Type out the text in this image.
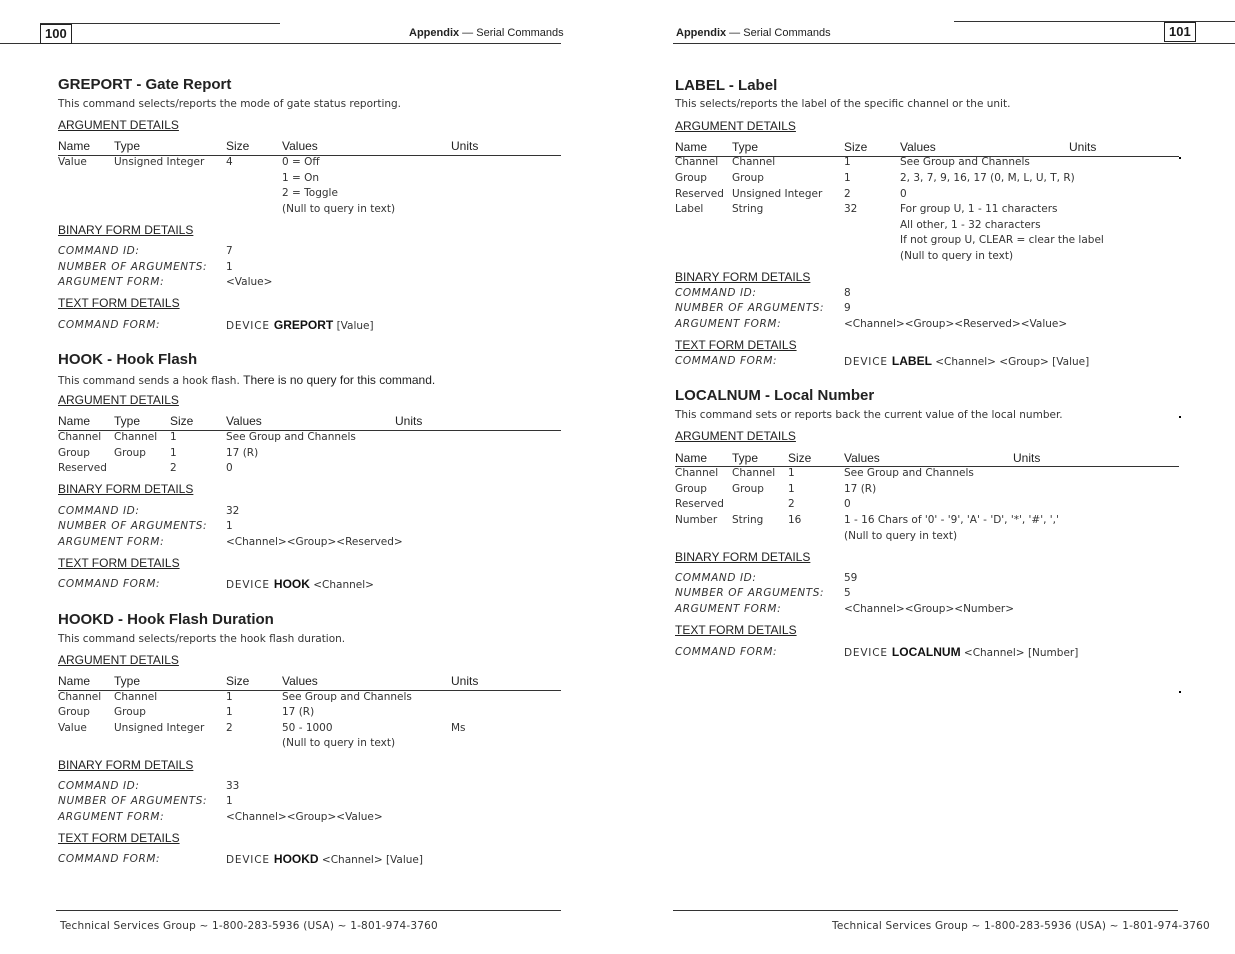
100	Appendix — Serial Commands
GREPORT - Gate Report
This command selects/reports the mode of gate status reporting.
ARGUMENT DETAILS
Name Type	Size	Values	Units
Value	Unsigned Integer 4	0 = Off
1 = On
2 = Toggle
(Null to query in text)
BINARY FORM DETAILS
COMMAND ID:	7
NUMBER OF ARGUMENTS: 1
ARGUMENT FORM:	<Value>
TEXT FORM DETAILS
COMMAND FORM:	DEVICE GREPORT [Value]
HOOK - Hook Flash
This command sends a hook flash. There is no query for this command.
ARGUMENT DETAILS
Name Type Size	Values	Units
Channel Channel 1	See Group and Channels
Group Group 1	17 (R)
Reserved	2	0
BINARY FORM DETAILS
COMMAND ID:	32
NUMBER OF ARGUMENTS: 1
ARGUMENT FORM:	<Channel><Group><Reserved>
TEXT FORM DETAILS
COMMAND FORM:	DEVICE HOOK <Channel>
HOOKD - Hook Flash Duration
This command selects/reports the hook flash duration.
ARGUMENT DETAILS
Name Type	Size	Values	Units
Channel Channel	1	See Group and Channels
Group Group	1	17 (R)
Value	Unsigned Integer 2	50 - 1000	Ms
(Null to query in text)
BINARY FORM DETAILS
COMMAND ID:	33
NUMBER OF ARGUMENTS: 1
ARGUMENT FORM:	<Channel><Group><Value>
TEXT FORM DETAILS
COMMAND FORM:	DEVICE HOOKD <Channel> [Value]
Technical Services Group ~ 1-800-283-5936 (USA) ~ 1-801-974-3760
101
Appendix — Serial Commands
LABEL - Label
This selects/reports the label of the specific channel or the unit.
ARGUMENT DETAILS
Name Type	Size	Values	Units
Channel Channel	1	See Group and Channels
Group Group	1	2, 3, 7, 9, 16, 17 (0, M, L, U, T, R)
Reserved Unsigned Integer 2	0
Label	String	32	For group U, 1 - 11 characters
All other, 1 - 32 characters
If not group U, CLEAR = clear the label
(Null to query in text)
BINARY FORM DETAILS
COMMAND ID:	8
NUMBER OF ARGUMENTS: 9
ARGUMENT FORM:	<Channel><Group><Reserved><Value>
TEXT FORM DETAILS
COMMAND FORM:	DEVICE LABEL <Channel> <Group> [Value]
LOCALNUM - Local Number
This command sets or reports back the current value of the local number.
ARGUMENT DETAILS
Name Type Size	Values	Units
Channel Channel 1	See Group and Channels
Group Group 1	17 (R)
Reserved	2	0
Number String 16	1 - 16 Chars of '0' - '9', 'A' - 'D', '*', '#', ','
(Null to query in text)
BINARY FORM DETAILS
COMMAND ID:	59
NUMBER OF ARGUMENTS: 5
ARGUMENT FORM:	<Channel><Group><Number>
TEXT FORM DETAILS
COMMAND FORM:	DEVICE LOCALNUM <Channel> [Number]
Technical Services Group ~ 1-800-283-5936 (USA) ~ 1-801-974-3760
